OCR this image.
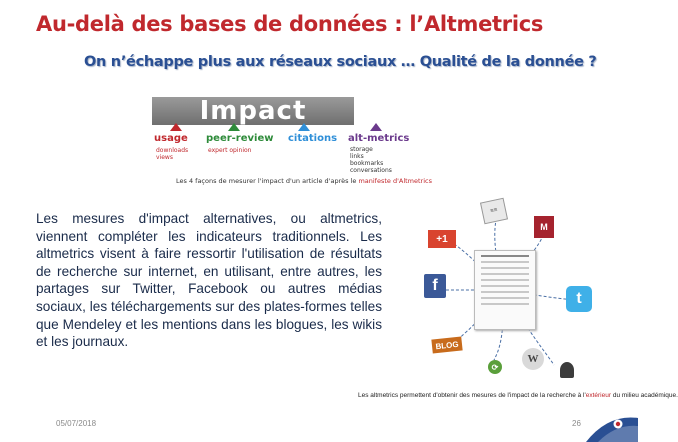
Au-delà des bases de données : l’Altmetrics
On n’échappe plus aux réseaux sociaux … Qualité de la donnée ?
Impact
usage peer-review citations alt-metrics
downloads
views
expert opinion	storage
links
bookmarks
conversations
Les 4 façons de mesurer l'impact d'un article d'après le manifeste d'Altmetrics
Les mesures d'impact alternatives, ou altmetrics, viennent compléter les indicateurs traditionnels. Les altmetrics visent à faire ressortir l'utilisation de résultats de recherche sur internet, en utilisant, entre autres, les partages sur Twitter, Facebook ou autres médias sociaux, les téléchargements sur des plates-formes telles que Mendeley et les mentions dans les blogues, les wikis et les journaux.
≡≡
+1
M
f
t
BLOG
W
⟳
Les altmetrics permettent d'obtenir des mesures de l'impact de la recherche à l'extérieur du milieu académique.
05/07/2018	26
